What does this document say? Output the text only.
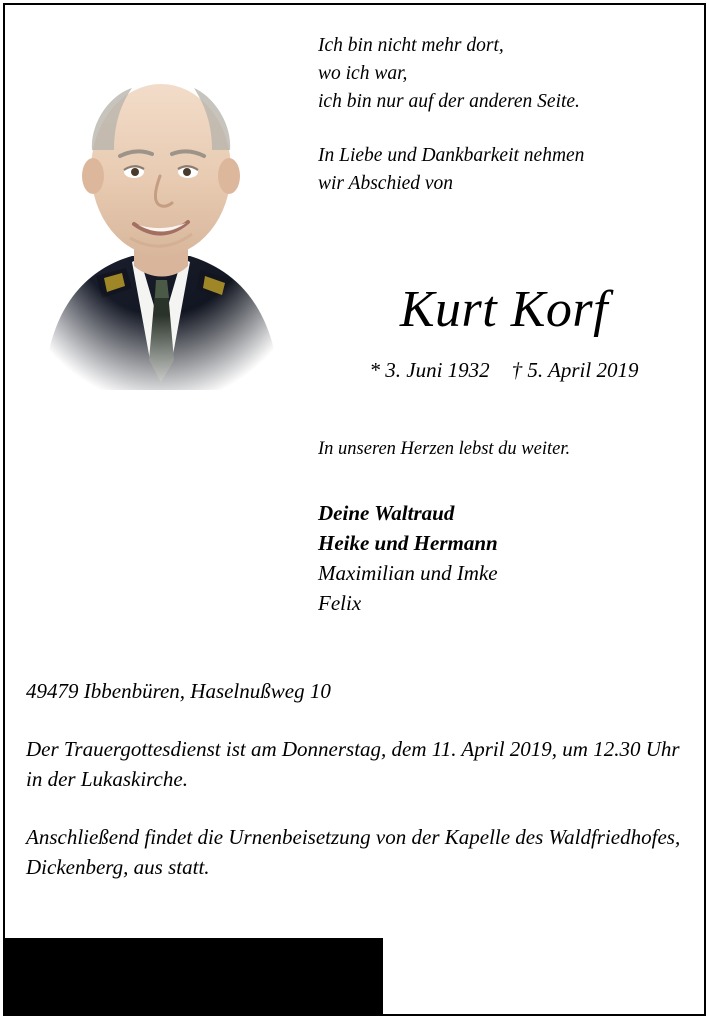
Ich bin nicht mehr dort,
wo ich war,
ich bin nur auf der anderen Seite.
In Liebe und Dankbarkeit nehmen
wir Abschied von
Kurt Korf
* 3. Juni 1932 † 5. April 2019
In unseren Herzen lebst du weiter.
Deine Waltraud
Heike und Hermann
Maximilian und Imke
Felix

49479 Ibbenbüren, Haselnußweg 10

Der Trauergottesdienst ist am Donnerstag, dem 11. April 2019, um 12.30 Uhr in der Lukaskirche.

Anschließend findet die Urnenbeisetzung von der Kapelle des Waldfriedhofes, Dickenberg, aus statt.
